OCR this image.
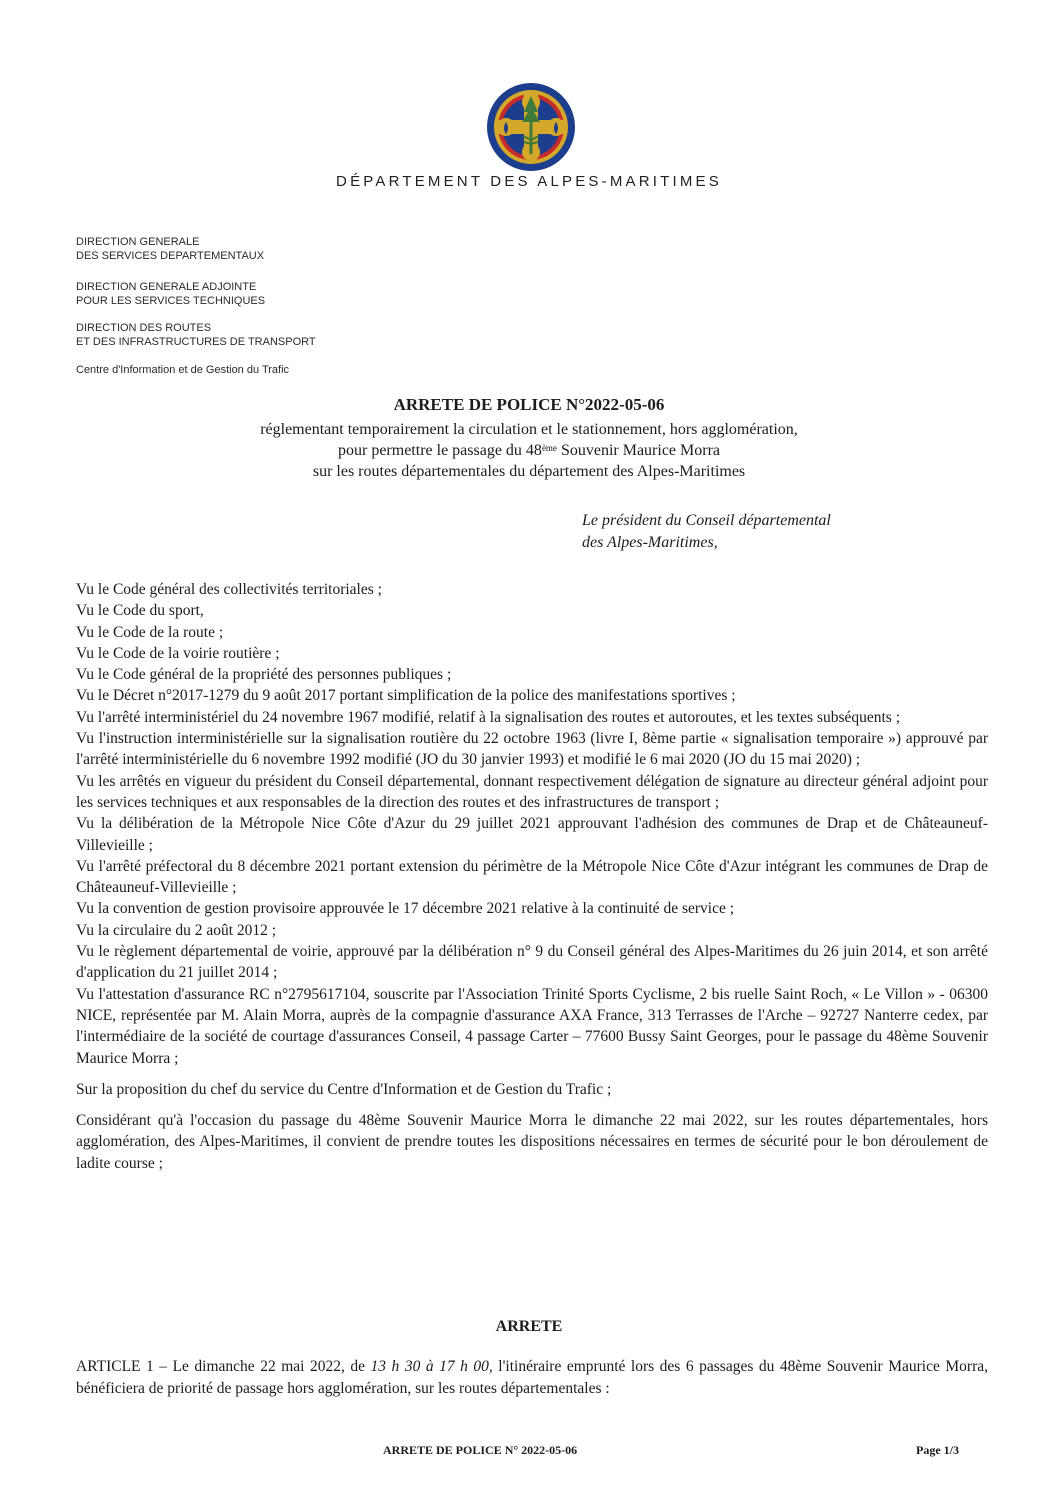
DÉPARTEMENT DES ALPES-MARITIMES
DIRECTION GENERALE
DES SERVICES DEPARTEMENTAUX
DIRECTION GENERALE ADJOINTE
POUR LES SERVICES TECHNIQUES
DIRECTION DES ROUTES
ET DES INFRASTRUCTURES DE TRANSPORT
Centre d'Information et de Gestion du Trafic
ARRETE DE POLICE N°2022-05-06
réglementant temporairement la circulation et le stationnement, hors agglomération,
pour permettre le passage du 48ème Souvenir Maurice Morra
sur les routes départementales du département des Alpes-Maritimes
Le président du Conseil départemental
des Alpes-Maritimes,
Vu le Code général des collectivités territoriales ;
Vu le Code du sport,
Vu le Code de la route ;
Vu le Code de la voirie routière ;
Vu le Code général de la propriété des personnes publiques ;
Vu le Décret n°2017-1279 du 9 août 2017 portant simplification de la police des manifestations sportives ;
Vu l'arrêté interministériel du 24 novembre 1967 modifié, relatif à la signalisation des routes et autoroutes, et les textes subséquents ;
Vu l'instruction interministérielle sur la signalisation routière du 22 octobre 1963 (livre I, 8ème partie « signalisation temporaire ») approuvé par l'arrêté interministérielle du 6 novembre 1992 modifié (JO du 30 janvier 1993) et modifié le 6 mai 2020 (JO du 15 mai 2020) ;
Vu les arrêtés en vigueur du président du Conseil départemental, donnant respectivement délégation de signature au directeur général adjoint pour les services techniques et aux responsables de la direction des routes et des infrastructures de transport ;
Vu la délibération de la Métropole Nice Côte d'Azur du 29 juillet 2021 approuvant l'adhésion des communes de Drap et de Châteauneuf-Villevieille ;
Vu l'arrêté préfectoral du 8 décembre 2021 portant extension du périmètre de la Métropole Nice Côte d'Azur intégrant les communes de Drap de Châteauneuf-Villevieille ;
Vu la convention de gestion provisoire approuvée le 17 décembre 2021 relative à la continuité de service ;
Vu la circulaire du 2 août 2012 ;
Vu le règlement départemental de voirie, approuvé par la délibération n° 9 du Conseil général des Alpes-Maritimes du 26 juin 2014, et son arrêté d'application du 21 juillet 2014 ;
Vu l'attestation d'assurance RC n°2795617104, souscrite par l'Association Trinité Sports Cyclisme, 2 bis ruelle Saint Roch, « Le Villon » - 06300 NICE, représentée par M. Alain Morra, auprès de la compagnie d'assurance AXA France, 313 Terrasses de l'Arche – 92727 Nanterre cedex, par l'intermédiaire de la société de courtage d'assurances Conseil, 4 passage Carter – 77600 Bussy Saint Georges, pour le passage du 48ème Souvenir Maurice Morra ;
Sur la proposition du chef du service du Centre d'Information et de Gestion du Trafic ;
Considérant qu'à l'occasion du passage du 48ème Souvenir Maurice Morra le dimanche 22 mai 2022, sur les routes départementales, hors agglomération, des Alpes-Maritimes, il convient de prendre toutes les dispositions nécessaires en termes de sécurité pour le bon déroulement de ladite course ;
ARRETE
ARTICLE 1 – Le dimanche 22 mai 2022, de 13 h 30 à 17 h 00, l'itinéraire emprunté lors des 6 passages du 48ème Souvenir Maurice Morra, bénéficiera de priorité de passage hors agglomération, sur les routes départementales :
ARRETE DE POLICE N° 2022-05-06	Page 1/3
